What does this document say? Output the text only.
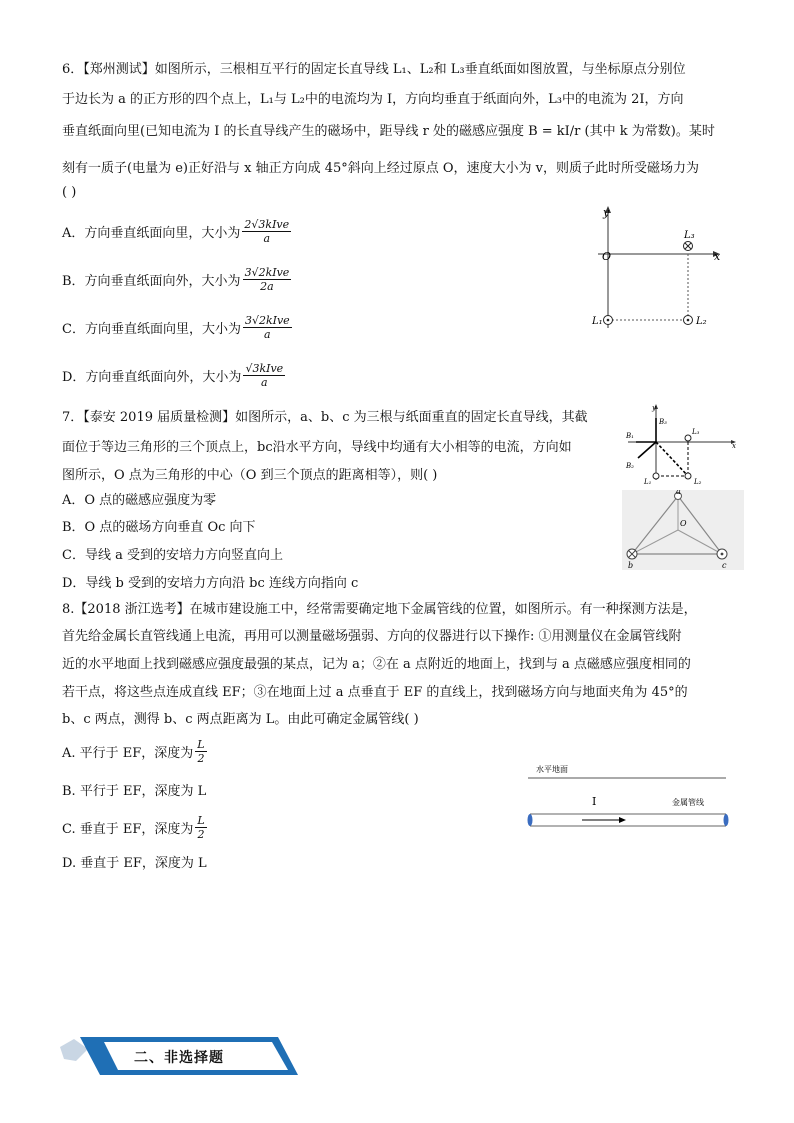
6．【郑州测试】如图所示，三根相互平行的固定长直导线 L₁、L₂和 L₃垂直纸面如图放置，与坐标原点分别位
于边长为 a 的正方形的四个点上，L₁与 L₂中的电流均为 I，方向均垂直于纸面向外，L₃中的电流为 2I，方向
垂直纸面向里(已知电流为 I 的长直导线产生的磁场中，距导线 r 处的磁感应强度 B = kI/r (其中 k 为常数)。某时
刻有一质子(电量为 e)正好沿与 x 轴正方向成 45°斜向上经过原点 O，速度大小为 v，则质子此时所受磁场力为
( )
A．方向垂直纸面向里，大小为 $\frac{\text{2√3kIve}}{a}$
B．方向垂直纸面向外，大小为 $\frac{\text{3√2kIve}}{2a}$
C．方向垂直纸面向里，大小为 $\frac{\text{3√2kIve}}{a}$
D．方向垂直纸面向外，大小为 $\frac{\text{√3kIve}}{a}$
y
x
O
L₃
L₁	L₂
7．【泰安 2019 届质量检测】如图所示，a、b、c 为三根与纸面重直的固定长直导线，其截
面位于等边三角形的三个顶点上，bc沿水平方向，导线中均通有大小相等的电流，方向如
图所示，O 点为三角形的中心（O 到三个顶点的距离相等），则( )
A．O 点的磁感应强度为零
B．O 点的磁场方向垂直 Oc 向下
C．导线 a 受到的安培力方向竖直向上
D．导线 b 受到的安培力方向沿 bc 连线方向指向 c
y
x
B₃
B₁
B₂
L₁	L₂
L₃
a
O
b	c
8.【2018 浙江选考】在城市建设施工中，经常需要确定地下金属管线的位置，如图所示。有一种探测方法是，
首先给金属长直管线通上电流，再用可以测量磁场强弱、方向的仪器进行以下操作: ①用测量仪在金属管线附
近的水平地面上找到磁感应强度最强的某点，记为 a；②在 a 点附近的地面上，找到与 a 点磁感应强度相同的
若干点，将这些点连成直线 EF；③在地面上过 a 点垂直于 EF 的直线上，找到磁场方向与地面夹角为 45°的
b、c 两点，测得 b、c 两点距离为 L。由此可确定金属管线( )
A. 平行于 EF，深度为 $\frac{L}{2}$
B. 平行于 EF，深度为 L
C. 垂直于 EF，深度为 $\frac{L}{2}$
D. 垂直于 EF，深度为 L
水平地面
I	金属管线
二、非选择题
